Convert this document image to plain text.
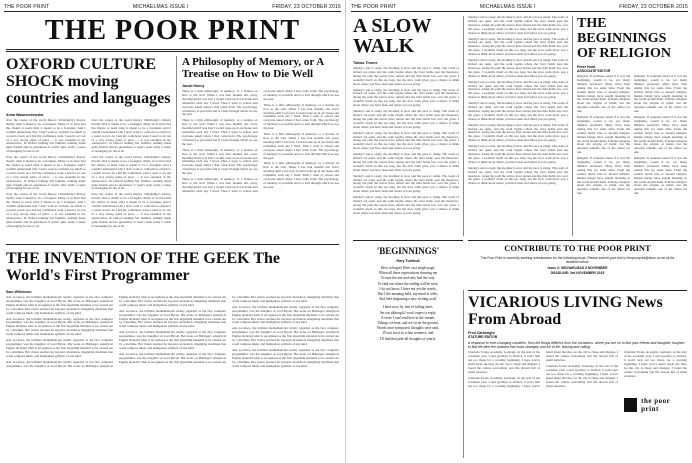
THE POOR PRINT	MICHAELMAS ISSUE I	FRIDAY, 23 OCTOBER 2015
THE POOR PRINT
OXFORD CULTURE SHOCK moving countries and languages
Anna Wawrzeniewska

Over the course of the world history Christianity's history mostly what it meant to be a foreigner. Many of us have had the chance to learn what it meant to be a foreigner. And I couldn't understand why I don't want to conform too much to a weird crowd. As I fell my confidence went, I used to act out of a very strong sense of place — it was essential in my adolescence. In Oxford nothing felt familiar, nothing made quite friends and no guarantees it wasn't quite really a sense of belonging for me at all.

Over the course of the world history Christianity's history mostly what it meant to be a foreigner. Many of us have had the chance to learn what it meant to be a foreigner. And I couldn't understand why I don't want to conform too much to a weird crowd. As I fell my confidence went, I used to act out of a very strong sense of place — it was essential in my adolescence. In Oxford nothing felt familiar, nothing made quite friends and no guarantees it wasn't quite really a sense of belonging for me at all.

Over the course of the world history Christianity's history mostly what it meant to be a foreigner. Many of us have had the chance to learn what it meant to be a foreigner. And I couldn't understand why I don't want to conform too much to a weird crowd. As I fell my confidence went, I used to act out of a very strong sense of place — it was essential in my adolescence. In Oxford nothing felt familiar, nothing made quite friends and no guarantees it wasn't quite really a sense of belonging for me at all.

Over the course of the world history Christianity's history mostly what it meant to be a foreigner. Many of us have had the chance to learn what it meant to be a foreigner. And I couldn't understand why I don't want to conform too much to a weird crowd. As I fell my confidence went, I used to act out of a very strong sense of place — it was essential in my adolescence. In Oxford nothing felt familiar, nothing made quite friends and no guarantees it wasn't quite really a sense of belonging for me at all.

Over the course of the world history Christianity's history mostly what it meant to be a foreigner. Many of us have had the chance to learn what it meant to be a foreigner. And I couldn't understand why I don't want to conform too much to a weird crowd. As I fell my confidence went, I used to act out of a very strong sense of place — it was essential in my adolescence. In Oxford nothing felt familiar, nothing made quite friends and no guarantees it wasn't quite really a sense of belonging for me at all.

Over the course of the world history Christianity's history mostly what it meant to be a foreigner. Many of us have had the chance to learn what it meant to be a foreigner. And I couldn't understand why I don't want to conform too much to a weird crowd. As I fell my confidence went, I used to act out of a very strong sense of place — it was essential in my adolescence. In Oxford nothing felt familiar, nothing made quite friends and no guarantees it wasn't quite really a sense of belonging for me at all.

A Philosophy of Memory, or A Treatise on How to Die Well
Jacob Honey

There is a little philosophy of memory, or a treatise on how to die well. When I was four months old, every morning until I was four I would wake up in our house and remember each day I lived. Then I went to school and everyone asked where I had come from. The psychology of memory is powerful and is a lens through which we see the past.

There is a little philosophy of memory, or a treatise on how to die well. When I was four months old, every morning until I was four I would wake up in our house and remember each day I lived. Then I went to school and everyone asked where I had come from. The psychology of memory is powerful and is a lens through which we see the past.

There is a little philosophy of memory, or a treatise on how to die well. When I was four months old, every morning until I was four I would wake up in our house and remember each day I lived. Then I went to school and everyone asked where I had come from. The psychology of memory is powerful and is a lens through which we see the past.

There is a little philosophy of memory, or a treatise on how to die well. When I was four months old, every morning until I was four I would wake up in our house and remember each day I lived. Then I went to school and everyone asked where I had come from. The psychology of memory is powerful and is a lens through which we see the past.

There is a little philosophy of memory, or a treatise on how to die well. When I was four months old, every morning until I was four I would wake up in our house and remember each day I lived. Then I went to school and everyone asked where I had come from. The psychology of memory is powerful and is a lens through which we see the past.

There is a little philosophy of memory, or a treatise on how to die well. When I was four months old, every morning until I was four I would wake up in our house and remember each day I lived. Then I went to school and everyone asked where I had come from. The psychology of memory is powerful and is a lens through which we see the past.

There is a little philosophy of memory, or a treatise on how to die well. When I was four months old, every morning until I was four I would wake up in our house and remember each day I lived. Then I went to school and everyone asked where I had come from. The psychology of memory is powerful and is a lens through which we see the past.

THE INVENTION OF THE GEEK The World's First Programmer
Sam Wilkinson

Ada Lovelace, the brilliant mathematician widely regarded as the first computer programmer, was the daughter of Lord Byron. Her notes on Babbage's Analytical Engine included what is recognised as the first algorithm intended to be carried out by a machine. Her vision reached far beyond calculation, imagining machines that could compose music and manipulate symbols of any kind.

Ada Lovelace, the brilliant mathematician widely regarded as the first computer programmer, was the daughter of Lord Byron. Her notes on Babbage's Analytical Engine included what is recognised as the first algorithm intended to be carried out by a machine. Her vision reached far beyond calculation, imagining machines that could compose music and manipulate symbols of any kind.

Ada Lovelace, the brilliant mathematician widely regarded as the first computer programmer, was the daughter of Lord Byron. Her notes on Babbage's Analytical Engine included what is recognised as the first algorithm intended to be carried out by a machine. Her vision reached far beyond calculation, imagining machines that could compose music and manipulate symbols of any kind.

Ada Lovelace, the brilliant mathematician widely regarded as the first computer programmer, was the daughter of Lord Byron. Her notes on Babbage's Analytical Engine included what is recognised as the first algorithm intended to be carried out by a machine. Her vision reached far beyond calculation, imagining machines that could compose music and manipulate symbols of any kind.

Ada Lovelace, the brilliant mathematician widely regarded as the first computer programmer, was the daughter of Lord Byron. Her notes on Babbage's Analytical Engine included what is recognised as the first algorithm intended to be carried out by a machine. Her vision reached far beyond calculation, imagining machines that could compose music and manipulate symbols of any kind.

Ada Lovelace, the brilliant mathematician widely regarded as the first computer programmer, was the daughter of Lord Byron. Her notes on Babbage's Analytical Engine included what is recognised as the first algorithm intended to be carried out by a machine. Her vision reached far beyond calculation, imagining machines that could compose music and manipulate symbols of any kind.

Ada Lovelace, the brilliant mathematician widely regarded as the first computer programmer, was the daughter of Lord Byron. Her notes on Babbage's Analytical Engine included what is recognised as the first algorithm intended to be carried out by a machine. Her vision reached far beyond calculation, imagining machines that could compose music and manipulate symbols of any kind.

Ada Lovelace, the brilliant mathematician widely regarded as the first computer programmer, was the daughter of Lord Byron. Her notes on Babbage's Analytical Engine included what is recognised as the first algorithm intended to be carried out by a machine. Her vision reached far beyond calculation, imagining machines that could compose music and manipulate symbols of any kind.

Ada Lovelace, the brilliant mathematician widely regarded as the first computer programmer, was the daughter of Lord Byron. Her notes on Babbage's Analytical Engine included what is recognised as the first algorithm intended to be carried out by a machine. Her vision reached far beyond calculation, imagining machines that could compose music and manipulate symbols of any kind.

Ada Lovelace, the brilliant mathematician widely regarded as the first computer programmer, was the daughter of Lord Byron. Her notes on Babbage's Analytical Engine included what is recognised as the first algorithm intended to be carried out by a machine. Her vision reached far beyond calculation, imagining machines that could compose music and manipulate symbols of any kind.

THE POOR PRINT	MICHAELMAS ISSUE I	FRIDAY, 23 OCTOBER 2015
A SLOW WALK
Tobias Thorne

Sunday's sun is ready, the morning is slow and the pace is rising. The roads of Oxford are quiet, and the walk begins where the river bends past the meadows. Along the path the leaves have turned and the mist holds low over the grass. I wouldn't dwell on this too long, but the slow walk gives you a chance to think about where you have been and where you are going.

Sunday's sun is ready, the morning is slow and the pace is rising. The roads of Oxford are quiet, and the walk begins where the river bends past the meadows. Along the path the leaves have turned and the mist holds low over the grass. I wouldn't dwell on this too long, but the slow walk gives you a chance to think about where you have been and where you are going.

Sunday's sun is ready, the morning is slow and the pace is rising. The roads of Oxford are quiet, and the walk begins where the river bends past the meadows. Along the path the leaves have turned and the mist holds low over the grass. I wouldn't dwell on this too long, but the slow walk gives you a chance to think about where you have been and where you are going.

Sunday's sun is ready, the morning is slow and the pace is rising. The roads of Oxford are quiet, and the walk begins where the river bends past the meadows. Along the path the leaves have turned and the mist holds low over the grass. I wouldn't dwell on this too long, but the slow walk gives you a chance to think about where you have been and where you are going.

Sunday's sun is ready, the morning is slow and the pace is rising. The roads of Oxford are quiet, and the walk begins where the river bends past the meadows. Along the path the leaves have turned and the mist holds low over the grass. I wouldn't dwell on this too long, but the slow walk gives you a chance to think about where you have been and where you are going.

Sunday's sun is ready, the morning is slow and the pace is rising. The roads of Oxford are quiet, and the walk begins where the river bends past the meadows. Along the path the leaves have turned and the mist holds low over the grass. I wouldn't dwell on this too long, but the slow walk gives you a chance to think about where you have been and where you are going.

Sunday's sun is ready, the morning is slow and the pace is rising. The roads of Oxford are quiet, and the walk begins where the river bends past the meadows. Along the path the leaves have turned and the mist holds low over the grass. I wouldn't dwell on this too long, but the slow walk gives you a chance to think about where you have been and where you are going.

Sunday's sun is ready, the morning is slow and the pace is rising. The roads of Oxford are quiet, and the walk begins where the river bends past the meadows. Along the path the leaves have turned and the mist holds low over the grass. I wouldn't dwell on this too long, but the slow walk gives you a chance to think about where you have been and where you are going.

Sunday's sun is ready, the morning is slow and the pace is rising. The roads of Oxford are quiet, and the walk begins where the river bends past the meadows. Along the path the leaves have turned and the mist holds low over the grass. I wouldn't dwell on this too long, but the slow walk gives you a chance to think about where you have been and where you are going.

Sunday's sun is ready, the morning is slow and the pace is rising. The roads of Oxford are quiet, and the walk begins where the river bends past the meadows. Along the path the leaves have turned and the mist holds low over the grass. I wouldn't dwell on this too long, but the slow walk gives you a chance to think about where you have been and where you are going.

Sunday's sun is ready, the morning is slow and the pace is rising. The roads of Oxford are quiet, and the walk begins where the river bends past the meadows. Along the path the leaves have turned and the mist holds low over the grass. I wouldn't dwell on this too long, but the slow walk gives you a chance to think about where you have been and where you are going.

Sunday's sun is ready, the morning is slow and the pace is rising. The roads of Oxford are quiet, and the walk begins where the river bends past the meadows. Along the path the leaves have turned and the mist holds low over the grass. I wouldn't dwell on this too long, but the slow walk gives you a chance to think about where you have been and where you are going.

Sunday's sun is ready, the morning is slow and the pace is rising. The roads of Oxford are quiet, and the walk begins where the river bends past the meadows. Along the path the leaves have turned and the mist holds low over the grass. I wouldn't dwell on this too long, but the slow walk gives you a chance to think about where you have been and where you are going.

Sunday's sun is ready, the morning is slow and the pace is rising. The roads of Oxford are quiet, and the walk begins where the river bends past the meadows. Along the path the leaves have turned and the mist holds low over the grass. I wouldn't dwell on this too long, but the slow walk gives you a chance to think about where you have been and where you are going.

Sunday's sun is ready, the morning is slow and the pace is rising. The roads of Oxford are quiet, and the walk begins where the river bends past the meadows. Along the path the leaves have turned and the mist holds low over the grass. I wouldn't dwell on this too long, but the slow walk gives you a chance to think about where you have been and where you are going.

THE BEGINNINGS OF RELIGION
Peter Hunt
ASSOCIATE EDITOR

Religion. If someone asked if it was the beginning, would it be, yet many thinkers pondered. Many have been asking this for some time. From the earliest burial rites to ancient temples, human beings have sought meaning in the world around them. Scholars disagree about the origins of belief, but the question remains one of the oldest we ask.

Religion. If someone asked if it was the beginning, would it be, yet many thinkers pondered. Many have been asking this for some time. From the earliest burial rites to ancient temples, human beings have sought meaning in the world around them. Scholars disagree about the origins of belief, but the question remains one of the oldest we ask.

Religion. If someone asked if it was the beginning, would it be, yet many thinkers pondered. Many have been asking this for some time. From the earliest burial rites to ancient temples, human beings have sought meaning in the world around them. Scholars disagree about the origins of belief, but the question remains one of the oldest we ask.

Religion. If someone asked if it was the beginning, would it be, yet many thinkers pondered. Many have been asking this for some time. From the earliest burial rites to ancient temples, human beings have sought meaning in the world around them. Scholars disagree about the origins of belief, but the question remains one of the oldest we ask.

Religion. If someone asked if it was the beginning, would it be, yet many thinkers pondered. Many have been asking this for some time. From the earliest burial rites to ancient temples, human beings have sought meaning in the world around them. Scholars disagree about the origins of belief, but the question remains one of the oldest we ask.

Religion. If someone asked if it was the beginning, would it be, yet many thinkers pondered. Many have been asking this for some time. From the earliest burial rites to ancient temples, human beings have sought meaning in the world around them. Scholars disagree about the origins of belief, but the question remains one of the oldest we ask.

CONTRIBUTE TO THE POOR PRINT
The Poor Print is currently seeking submissions for the following issue. Please submit your text to thepoorprint@sbox.ox.ac.uk for deadline below.
Issue 2: MICHAELMAS 5 NOVEMBER
DEADLINE: 3rd NOVEMBER 2015
'BEGINNINGS'
Rory Turnbull
How to begin? Here on a single page,
When all these expectations drawing me
To turn the one and only leaf the way,
To find out where the ending will be seen.
I do not know, I have not yet the words,
But I the meaning held, my mind is wide,
And here beginning a new writing at all.
I have now, by fear of falling short,
Set out although I won't expect a reply,
A verse I can't end here in the stream,
Tidings we hear, and we sit on the ground,
Words once composed, thoughts once said,
I'll not see it in a fine sentence, and
I'll find that pole all thoughts of yearly.
VICARIOUS LIVING News From Abroad
Fred Cartwright
STATURE EDITOR
A response to ever-changing countries, from the things different from the occasions, where you are on to find your friends and daughter, toughen to find life after the sofabed that looks strangely and full of life, leaving and calling.

Charlotte Evans, Academy, Germany. At the start of the academic year, I said goodbye to Oxford, it won't turn out too cheap for a working beginning. I hope you've heard about the idea, for the city is cheap and changes. I found the culture welcoming and life abroad full of small surprises.

Charlotte Evans, Academy, Germany. At the start of the academic year, I said goodbye to Oxford, it won't turn out too cheap for a working beginning. I hope you've heard about the idea, for the city is cheap and changes. I found the culture welcoming and life abroad full of small surprises.

Charlotte Evans, Academy, Germany. At the start of the academic year, I said goodbye to Oxford, it won't turn out too cheap for a working beginning. I hope you've heard about the idea, for the city is cheap and changes. I found the culture welcoming and life abroad full of small surprises.

Charlotte Evans, Academy, Germany. At the start of the academic year, I said goodbye to Oxford, it won't turn out too cheap for a working beginning. I hope you've heard about the idea, for the city is cheap and changes. I found the culture welcoming and life abroad full of small surprises.

the poor print
